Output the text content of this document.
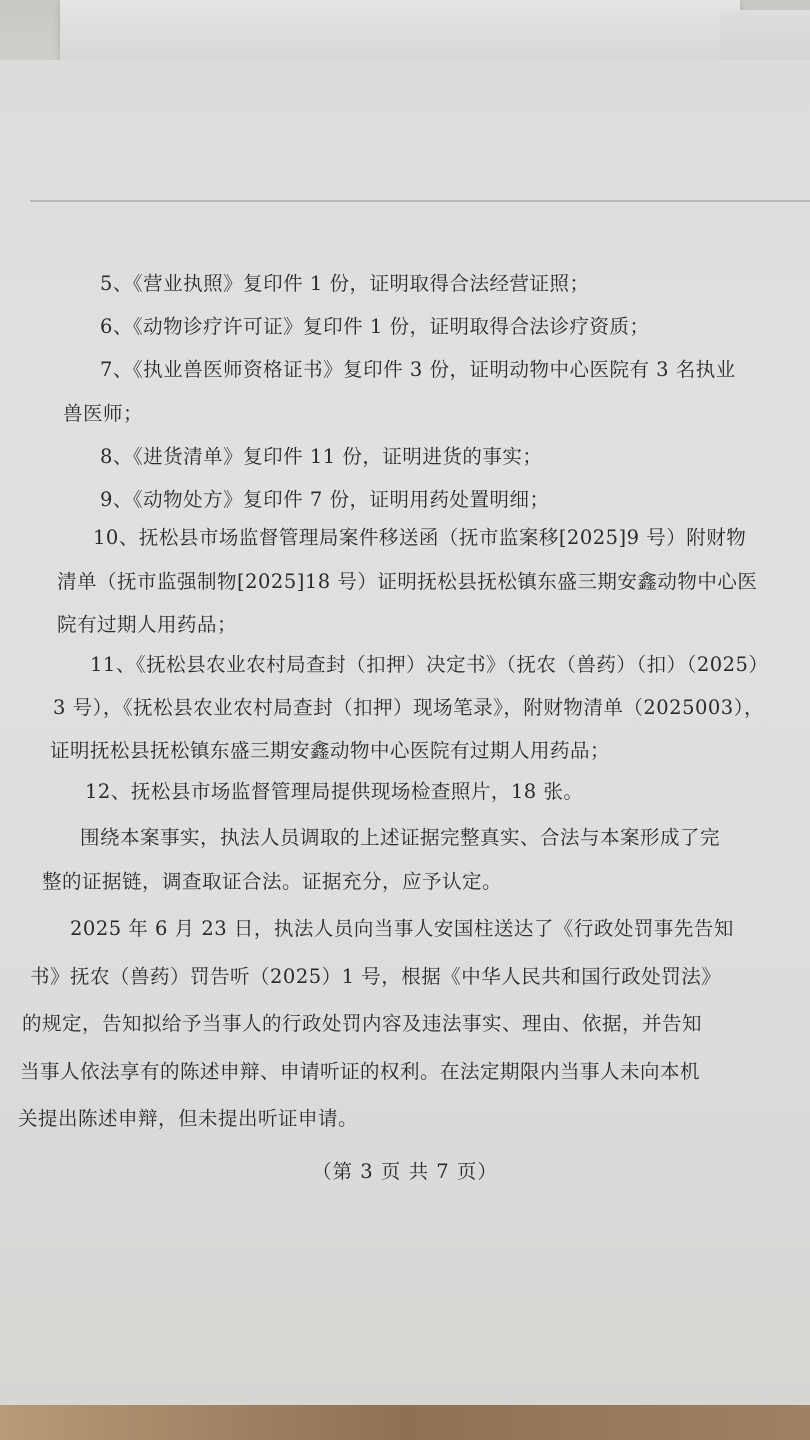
5、《营业执照》复印件 1 份，证明取得合法经营证照；
6、《动物诊疗许可证》复印件 1 份，证明取得合法诊疗资质；
7、《执业兽医师资格证书》复印件 3 份，证明动物中心医院有 3 名执业
兽医师；
8、《进货清单》复印件 11 份，证明进货的事实；
9、《动物处方》复印件 7 份，证明用药处置明细；
10、抚松县市场监督管理局案件移送函（抚市监案移[2025]9 号）附财物
清单（抚市监强制物[2025]18 号）证明抚松县抚松镇东盛三期安鑫动物中心医
院有过期人用药品；
11、《抚松县农业农村局查封（扣押）决定书》（抚农（兽药）（扣）（2025）
3 号），《抚松县农业农村局查封（扣押）现场笔录》，附财物清单（2025003），
证明抚松县抚松镇东盛三期安鑫动物中心医院有过期人用药品；
12、抚松县市场监督管理局提供现场检查照片，18 张。
围绕本案事实，执法人员调取的上述证据完整真实、合法与本案形成了完
整的证据链，调查取证合法。证据充分，应予认定。
2025 年 6 月 23 日，执法人员向当事人安国柱送达了《行政处罚事先告知
书》抚农（兽药）罚告听（2025）1 号，根据《中华人民共和国行政处罚法》
的规定，告知拟给予当事人的行政处罚内容及违法事实、理由、依据，并告知
当事人依法享有的陈述申辩、申请听证的权利。在法定期限内当事人未向本机
关提出陈述申辩，但未提出听证申请。
（第 3 页 共 7 页）
